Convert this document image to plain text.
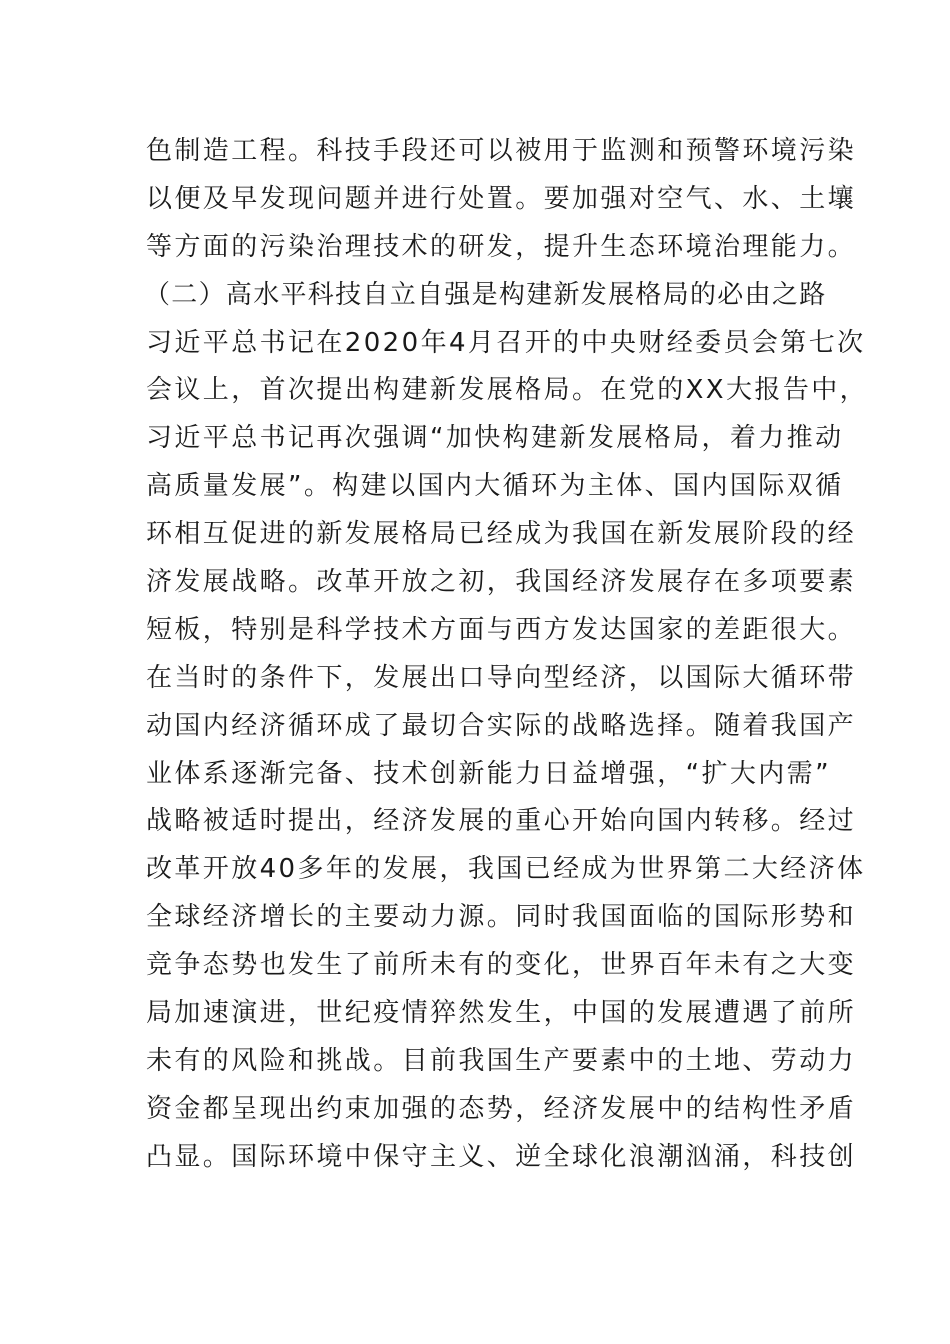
色制造工程。科技手段还可以被用于监测和预警环境污染
以便及早发现问题并进行处置。要加强对空气、水、土壤
等方面的污染治理技术的研发，提升生态环境治理能力。
（二）高水平科技自立自强是构建新发展格局的必由之路
习近平总书记在2020年4月召开的中央财经委员会第七次
会议上，首次提出构建新发展格局。在党的XX大报告中，
习近平总书记再次强调“加快构建新发展格局，着力推动
高质量发展”。构建以国内大循环为主体、国内国际双循
环相互促进的新发展格局已经成为我国在新发展阶段的经
济发展战略。改革开放之初，我国经济发展存在多项要素
短板，特别是科学技术方面与西方发达国家的差距很大。
在当时的条件下，发展出口导向型经济，以国际大循环带
动国内经济循环成了最切合实际的战略选择。随着我国产
业体系逐渐完备、技术创新能力日益增强，“扩大内需”
战略被适时提出，经济发展的重心开始向国内转移。经过
改革开放40多年的发展，我国已经成为世界第二大经济体
全球经济增长的主要动力源。同时我国面临的国际形势和
竞争态势也发生了前所未有的变化，世界百年未有之大变
局加速演进，世纪疫情猝然发生，中国的发展遭遇了前所
未有的风险和挑战。目前我国生产要素中的土地、劳动力
资金都呈现出约束加强的态势，经济发展中的结构性矛盾
凸显。国际环境中保守主义、逆全球化浪潮汹涌，科技创
